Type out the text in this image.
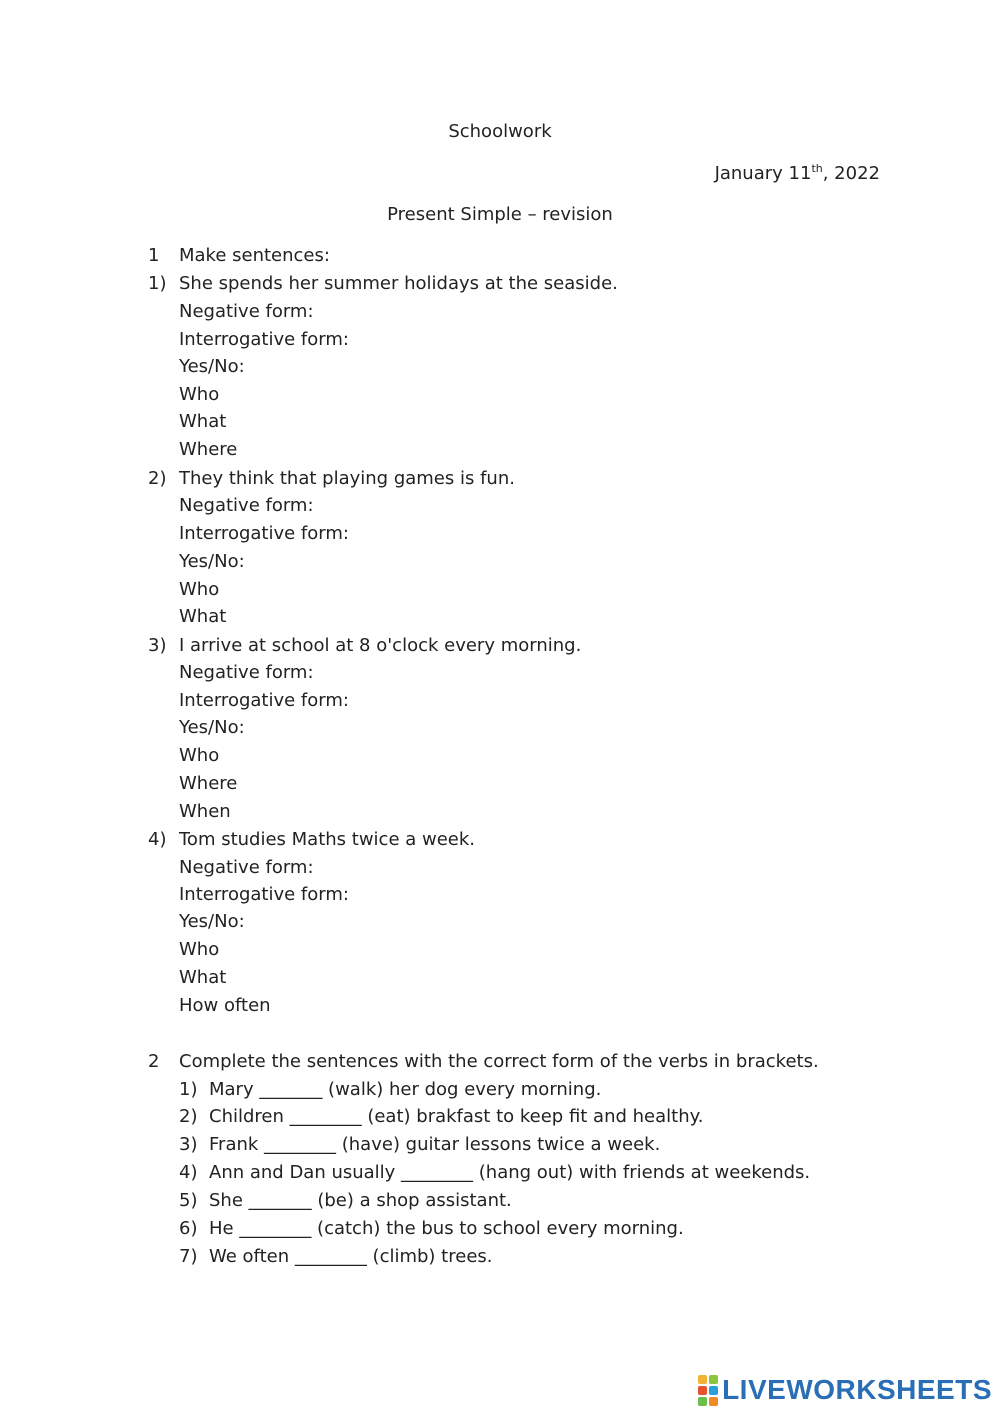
Schoolwork
January 11th, 2022
Present Simple – revision
1 Make sentences:
1) She spends her summer holidays at the seaside.
Negative form:
Interrogative form:
Yes/No:
Who
What
Where
2) They think that playing games is fun.
Negative form:
Interrogative form:
Yes/No:
Who
What
3) I arrive at school at 8 o'clock every morning.
Negative form:
Interrogative form:
Yes/No:
Who
Where
When
4) Tom studies Maths twice a week.
Negative form:
Interrogative form:
Yes/No:
Who
What
How often
2 Complete the sentences with the correct form of the verbs in brackets.
1) Mary _______ (walk) her dog every morning.
2) Children ________ (eat) brakfast to keep fit and healthy.
3) Frank ________ (have) guitar lessons twice a week.
4) Ann and Dan usually ________ (hang out) with friends at weekends.
5) She _______ (be) a shop assistant.
6) He ________ (catch) the bus to school every morning.
7) We often ________ (climb) trees.
LIVEWORKSHEETS
